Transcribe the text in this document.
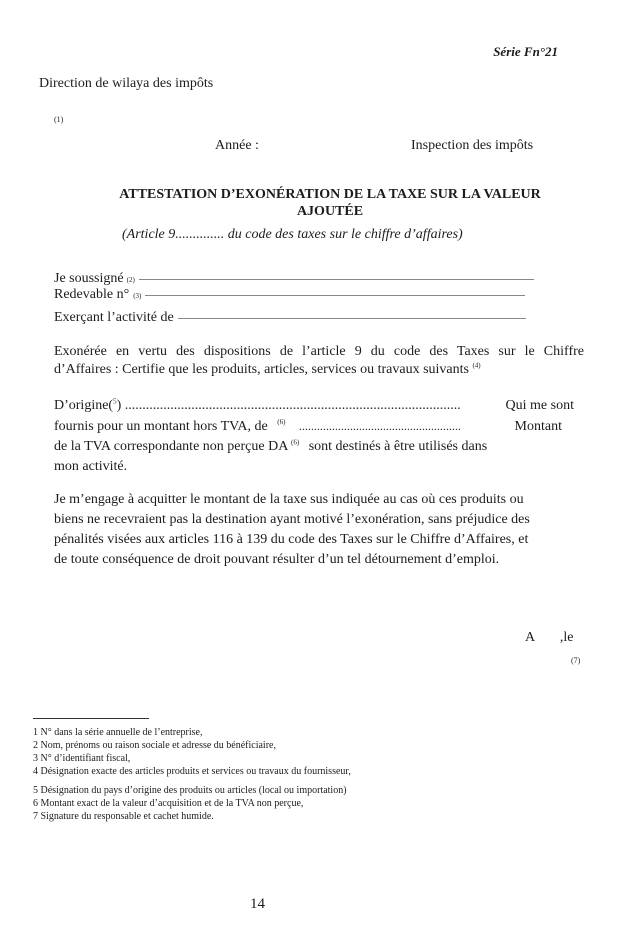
Série Fn°21
Direction de wilaya des impôts
(1)
Année :	Inspection des impôts
ATTESTATION D’EXONÉRATION DE LA TAXE SUR LA VALEUR AJOUTÉE
(Article 9.............. du code des taxes sur le chiffre d’affaires)
Je soussigné (2)
Redevable n° (3)
Exerçant l’activité de
Exonérée en vertu des dispositions de l’article 9 du code des Taxes sur le Chiffre
d’Affaires : Certifie que les produits, articles, services ou travaux suivants $^{(4)}$
D’origine($^5$) ................................................................................................	Qui me sont
fournis pour un montant hors TVA, de $^{(6)}$ ......................................................	Montant
de la TVA correspondante non perçue DA $^{(6)}$ sont destinés à être utilisés dans
mon activité.
Je m’engage à acquitter le montant de la taxe sus indiquée au cas où ces produits ou
biens ne recevraient pas la destination ayant motivé l’exonération, sans préjudice des
pénalités visées aux articles 116 à 139 du code des Taxes sur le Chiffre d’Affaires, et
de toute conséquence de droit pouvant résulter d’un tel détournement d’emploi.
A ,le
(7)
1 N° dans la série annuelle de l’entreprise,
2 Nom, prénoms ou raison sociale et adresse du bénéficiaire,
3 N° d’identifiant fiscal,
4 Désignation exacte des articles produits et services ou travaux du fournisseur,
5 Désignation du pays d’origine des produits ou articles (local ou importation)
6 Montant exact de la valeur d’acquisition et de la TVA non perçue,
7 Signature du responsable et cachet humide.
14
